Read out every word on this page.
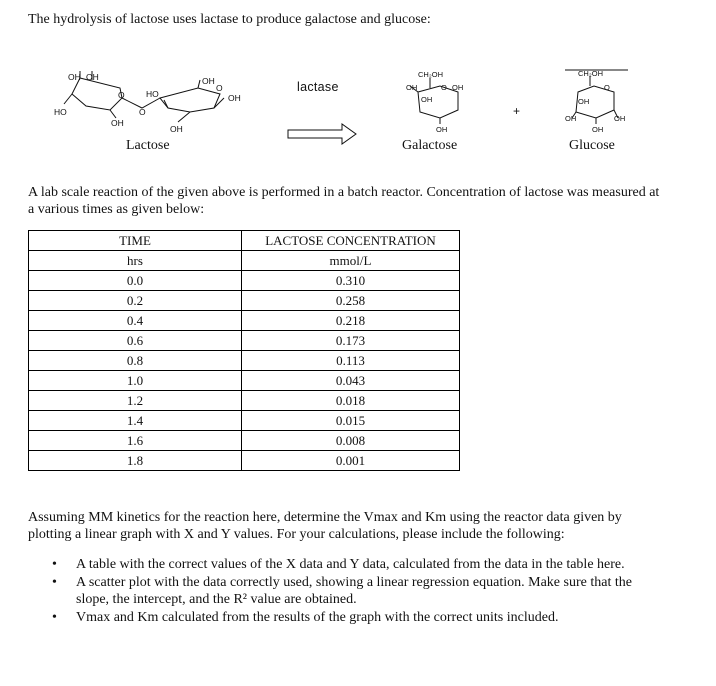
The hydrolysis of lactose uses lactase to produce galactose and glucose:
OH OH
HO
O
OH
OH
HO
O
O
OH
OH
CH₂OH
OH	O OH
OH
OH
CH₂OH
O
OH
OH	OH
OH
lactase
+
Lactose	Galactose	Glucose
A lab scale reaction of the given above is performed in a batch reactor. Concentration of lactose was measured at a various times as given below:
TIME	LACTOSE CONCENTRATION
hrs	mmol/L
0.0	0.310
0.2	0.258
0.4	0.218
0.6	0.173
0.8	0.113
1.0	0.043
1.2	0.018
1.4	0.015
1.6	0.008
1.8	0.001
Assuming MM kinetics for the reaction here, determine the Vmax and Km using the reactor data given by plotting a linear graph with X and Y values. For your calculations, please include the following:
• A table with the correct values of the X data and Y data, calculated from the data in the table here.
• A scatter plot with the data correctly used, showing a linear regression equation. Make sure that the slope, the intercept, and the R² value are obtained.
• Vmax and Km calculated from the results of the graph with the correct units included.
